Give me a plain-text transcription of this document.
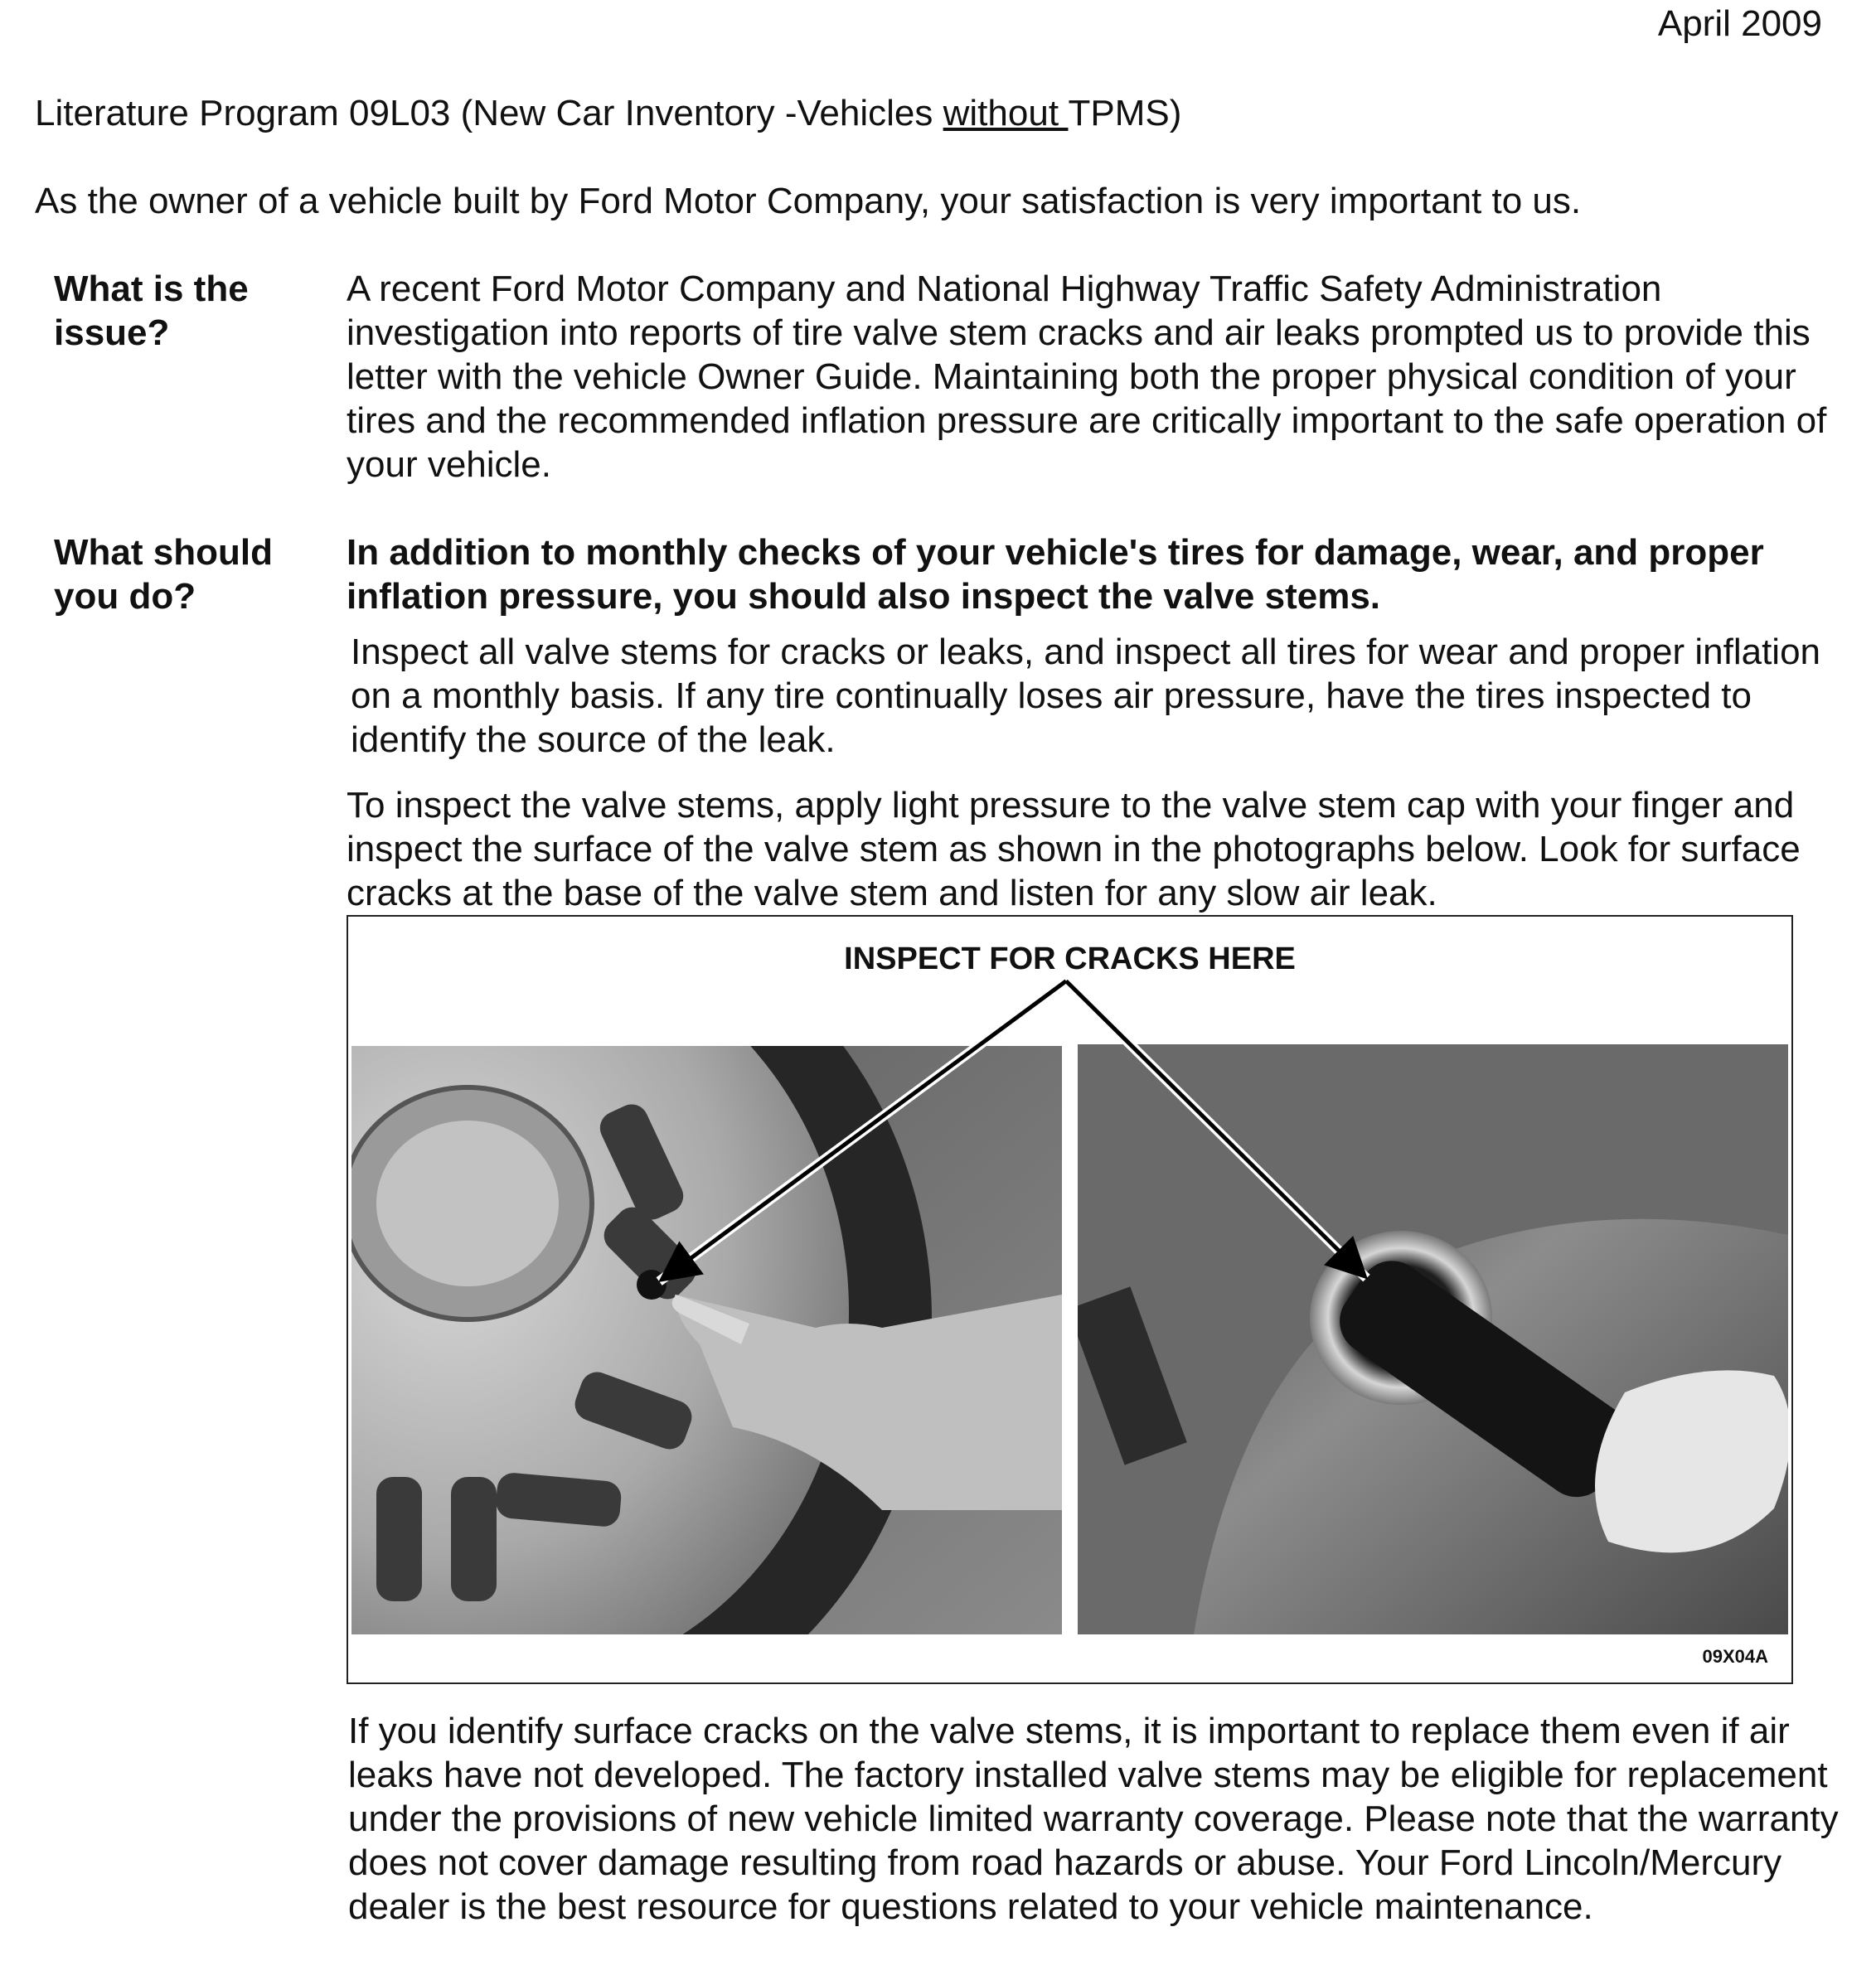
April 2009
Literature Program 09L03 (New Car Inventory -Vehicles without TPMS)

As the owner of a vehicle built by Ford Motor Company, your satisfaction is very important to us.

What is the issue?

A recent Ford Motor Company and National Highway Traffic Safety Administration investigation into reports of tire valve stem cracks and air leaks prompted us to provide this letter with the vehicle Owner Guide. Maintaining both the proper physical condition of your tires and the recommended inflation pressure are critically important to the safe operation of your vehicle.

What should you do?

In addition to monthly checks of your vehicle's tires for damage, wear, and proper inflation pressure, you should also inspect the valve stems.

Inspect all valve stems for cracks or leaks, and inspect all tires for wear and proper inflation on a monthly basis. If any tire continually loses air pressure, have the tires inspected to identify the source of the leak.

To inspect the valve stems, apply light pressure to the valve stem cap with your finger and inspect the surface of the valve stem as shown in the photographs below. Look for surface cracks at the base of the valve stem and listen for any slow air leak.

INSPECT FOR CRACKS HERE
09X04A

If you identify surface cracks on the valve stems, it is important to replace them even if air leaks have not developed. The factory installed valve stems may be eligible for replacement under the provisions of new vehicle limited warranty coverage. Please note that the warranty does not cover damage resulting from road hazards or abuse. Your Ford Lincoln/Mercury dealer is the best resource for questions related to your vehicle maintenance.
